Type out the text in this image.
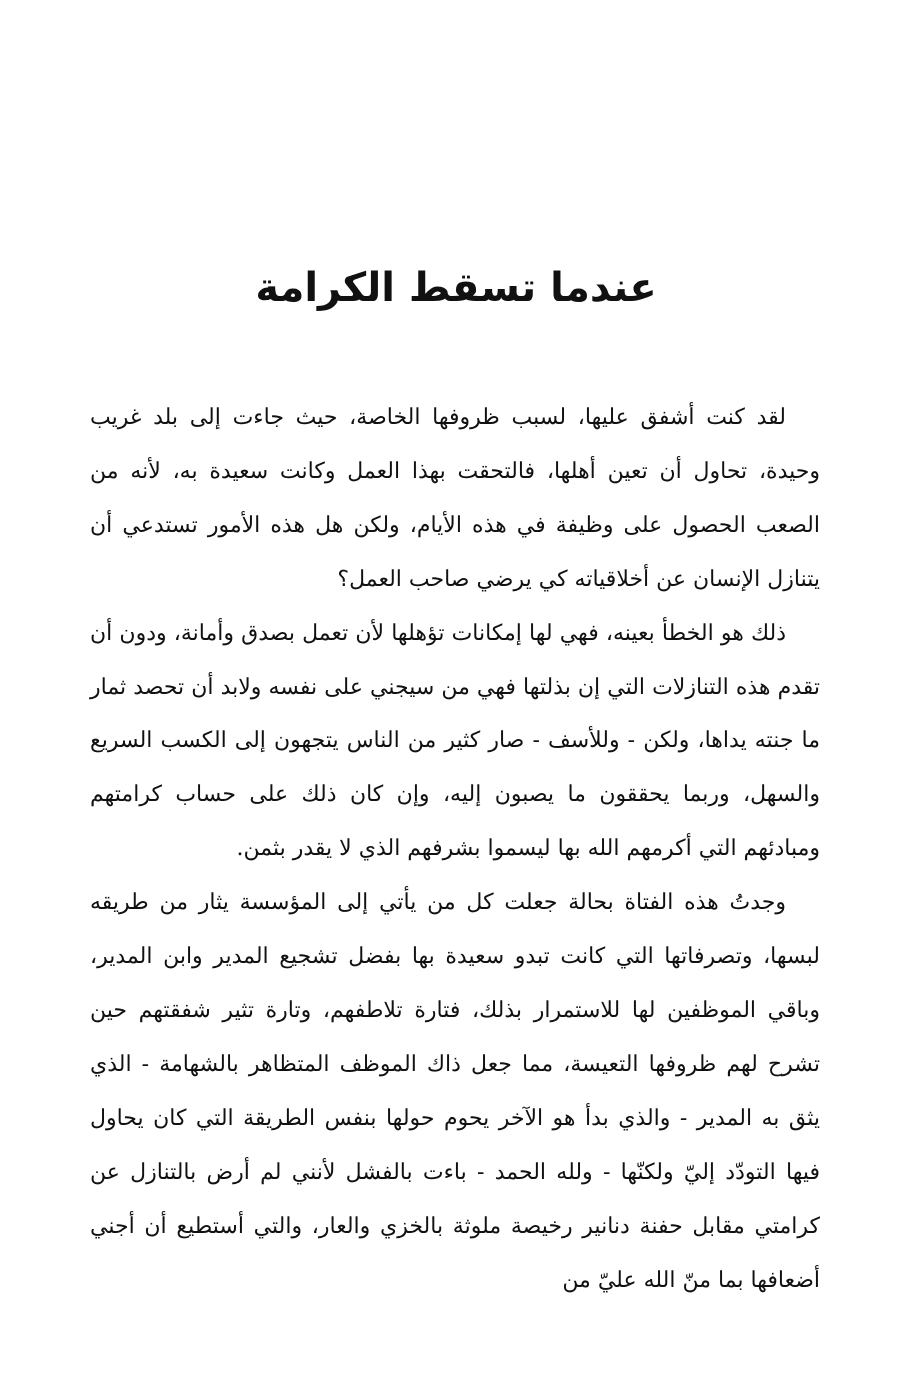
عندما تسقط الكرامة

لقد كنت أشفق عليها، لسبب ظروفها الخاصة، حيث جاءت إلى بلد غريب وحيدة، تحاول أن تعين أهلها، فالتحقت بهذا العمل وكانت سعيدة به، لأنه من الصعب الحصول على وظيفة في هذه الأيام، ولكن هل هذه الأمور تستدعي أن يتنازل الإنسان عن أخلاقياته كي يرضي صاحب العمل؟

ذلك هو الخطأ بعينه، فهي لها إمكانات تؤهلها لأن تعمل بصدق وأمانة، ودون أن تقدم هذه التنازلات التي إن بذلتها فهي من سيجني على نفسه ولابد أن تحصد ثمار ما جنته يداها، ولكن - وللأسف - صار كثير من الناس يتجهون إلى الكسب السريع والسهل، وربما يحققون ما يصبون إليه، وإن كان ذلك على حساب كرامتهم ومبادئهم التي أكرمهم الله بها ليسموا بشرفهم الذي لا يقدر بثمن.

وجدتُ هذه الفتاة بحالة جعلت كل من يأتي إلى المؤسسة يثار من طريقه لبسها، وتصرفاتها التي كانت تبدو سعيدة بها بفضل تشجيع المدير وابن المدير، وباقي الموظفين لها للاستمرار بذلك، فتارة تلاطفهم، وتارة تثير شفقتهم حين تشرح لهم ظروفها التعيسة، مما جعل ذاك الموظف المتظاهر بالشهامة - الذي يثق به المدير - والذي بدأ هو الآخر يحوم حولها بنفس الطريقة التي كان يحاول فيها التودّد إليّ ولكنّها - ولله الحمد - باءت بالفشل لأنني لم أرض بالتنازل عن كرامتي مقابل حفنة دنانير رخيصة ملوثة بالخزي والعار، والتي أستطيع أن أجني أضعافها بما منّ الله عليّ من
